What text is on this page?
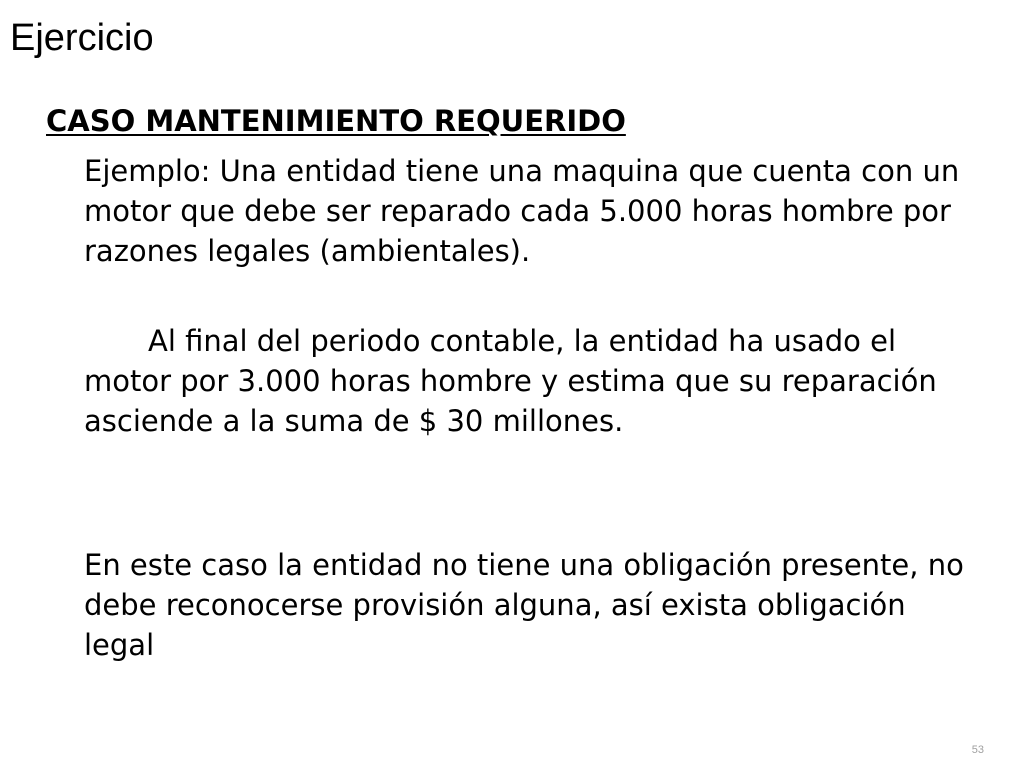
Ejercicio
CASO MANTENIMIENTO REQUERIDO

Ejemplo: Una entidad tiene una maquina que cuenta con un motor que debe ser reparado cada 5.000 horas hombre por razones legales (ambientales).

Al final del periodo contable, la entidad ha usado el motor por 3.000 horas hombre y estima que su reparación asciende a la suma de $ 30 millones.

En este caso la entidad no tiene una obligación presente, no debe reconocerse provisión alguna, así exista obligación legal

53
